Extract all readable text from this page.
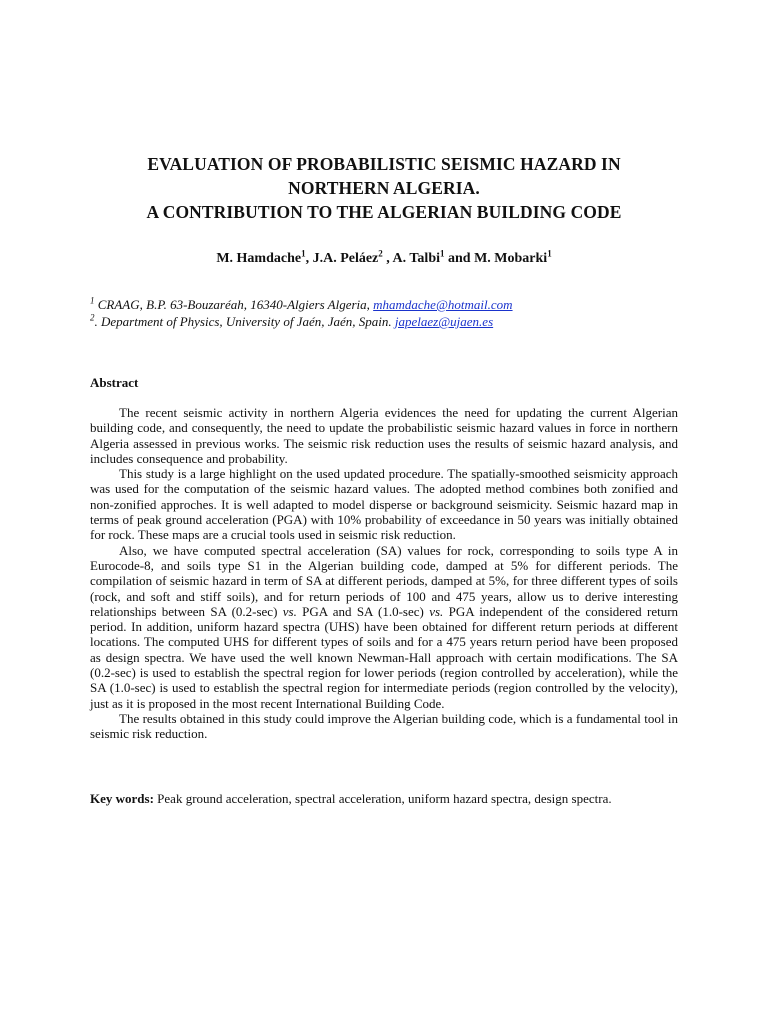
EVALUATION OF PROBABILISTIC SEISMIC HAZARD IN
NORTHERN ALGERIA.
A CONTRIBUTION TO THE ALGERIAN BUILDING CODE
M. Hamdache$^1$, J.A. Peláez$^2$ , A. Talbi$^1$ and M. Mobarki$^1$
$^1$ CRAAG, B.P. 63-Bouzaréah, 16340-Algiers Algeria, mhamdache@hotmail.com
$^2$. Department of Physics, University of Jaén, Jaén, Spain. japelaez@ujaen.es
Abstract

The recent seismic activity in northern Algeria evidences the need for updating the current Algerian building code, and consequently, the need to update the probabilistic seismic hazard values in force in northern Algeria assessed in previous works. The seismic risk reduction uses the results of seismic hazard analysis, and includes consequence and probability.

This study is a large highlight on the used updated procedure. The spatially-smoothed seismicity approach was used for the computation of the seismic hazard values. The adopted method combines both zonified and non-zonified approches. It is well adapted to model disperse or background seismicity. Seismic hazard map in terms of peak ground acceleration (PGA) with 10% probability of exceedance in 50 years was initially obtained for rock. These maps are a crucial tools used in seismic risk reduction.

Also, we have computed spectral acceleration (SA) values for rock, corresponding to soils type A in Eurocode-8, and soils type S1 in the Algerian building code, damped at 5% for different periods. The compilation of seismic hazard in term of SA at different periods, damped at 5%, for three different types of soils (rock, and soft and stiff soils), and for return periods of 100 and 475 years, allow us to derive interesting relationships between SA (0.2-sec) vs. PGA and SA (1.0-sec) vs. PGA independent of the considered return period. In addition, uniform hazard spectra (UHS) have been obtained for different return periods at different locations. The computed UHS for different types of soils and for a 475 years return period have been proposed as design spectra. We have used the well known Newman-Hall approach with certain modifications. The SA (0.2-sec) is used to establish the spectral region for lower periods (region controlled by acceleration), while the SA (1.0-sec) is used to establish the spectral region for intermediate periods (region controlled by the velocity), just as it is proposed in the most recent International Building Code.

The results obtained in this study could improve the Algerian building code, which is a fundamental tool in seismic risk reduction.

Key words: Peak ground acceleration, spectral acceleration, uniform hazard spectra, design spectra.
